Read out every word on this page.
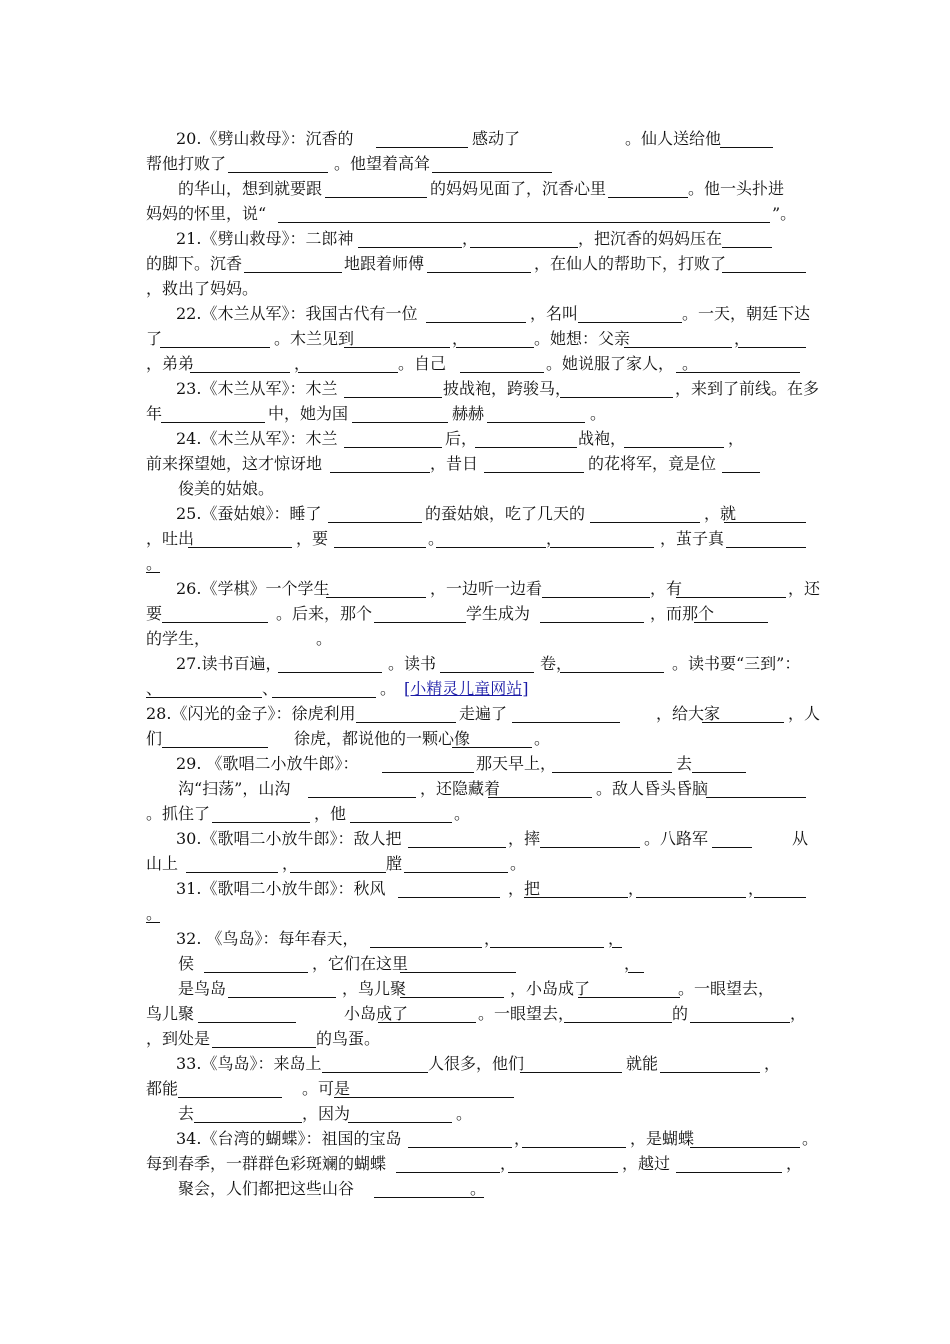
20.《劈山救母》：沉香的	感动了	。仙人送给他
帮他打败了	。他望着高耸
的华山，想到就要跟	的妈妈见面了，沉香心里	。他一头扑进
妈妈的怀里，说“	”。
21.《劈山救母》：二郎神	，	，把沉香的妈妈压在
的脚下。沉香	地跟着师傅	，在仙人的帮助下，打败了
，救出了妈妈。
22.《木兰从军》：我国古代有一位	，名叫	。一天，朝廷下达
了	。木兰见到	，	。她想：父亲	，
，弟弟	，	。自己	。她说服了家人， 。
23.《木兰从军》：木兰	披战袍，跨骏马，	，来到了前线。在多
年	中，她为国	赫赫	。
24.《木兰从军》：木兰	后，	战袍，	，
前来探望她，这才惊讶地	，昔日	的花将军，竟是位
俊美的姑娘。
25.《蚕姑娘》：睡了	的蚕姑娘，吃了几天的	，就
，吐出	，要	。	，	，茧子真
。
26.《学棋》一个学生	，一边听一边看	，有	，还
要	。后来，那个	学生成为	，而那个
的学生，	。
27.读书百遍，	。读书	卷，	。读书要“三到”：
、	、	。 [小精灵儿童网站]
28.《闪光的金子》：徐虎利用	走遍了	，给大家	，人
们	徐虎，都说他的一颗心像	。
29. 《歌唱二小放牛郎》：	那天早上，	去
沟“扫荡”，山沟	，还隐藏着	。敌人昏头昏脑
。抓住了	，他	。
30.《歌唱二小放牛郎》：敌人把	，摔	。八路军	从
山上	，	膛	。
31.《歌唱二小放牛郎》：秋风	，把	，	，
。
32. 《鸟岛》：每年春天，	，	，
侯	，它们在这里	，
是鸟岛	，鸟儿聚	，小岛成了	。一眼望去，
鸟儿聚	小岛成了	。一眼望去，	的	，
，到处是	的鸟蛋。
33.《鸟岛》：来岛上	人很多，他们	就能	，
都能	。可是
去	，因为	。
34.《台湾的蝴蝶》：祖国的宝岛	，	，是蝴蝶	。
每到春季，一群群色彩斑斓的蝴蝶	，	，越过	，
聚会，人们都把这些山谷	。
